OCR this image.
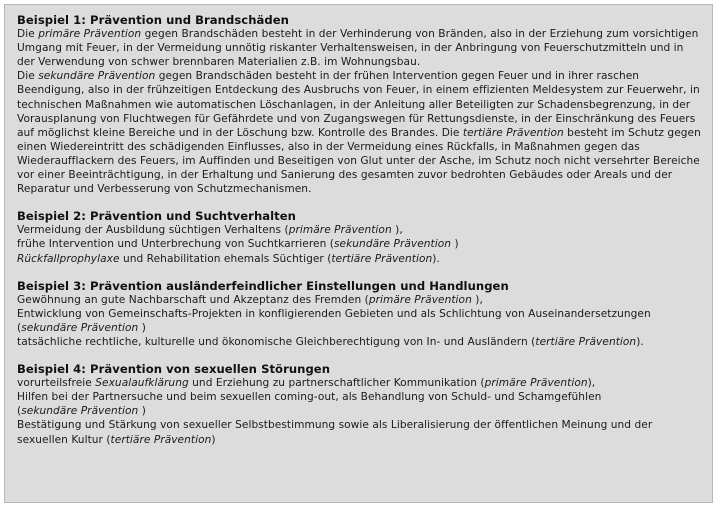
Beispiel 1: Prävention und Brandschäden

Die primäre Prävention gegen Brandschäden besteht in der Verhinderung von Bränden, also in der Erziehung zum vorsichtigen Umgang mit Feuer, in der Vermeidung unnötig riskanter Verhaltensweisen, in der Anbringung von Feuerschutzmitteln und in der Verwendung von schwer brennbaren Materialien z.B. im Wohnungsbau.

Die sekundäre Prävention gegen Brandschäden besteht in der frühen Intervention gegen Feuer und in ihrer raschen Beendigung, also in der frühzeitigen Entdeckung des Ausbruchs von Feuer, in einem effizienten Meldesystem zur Feuerwehr, in technischen Maßnahmen wie automatischen Löschanlagen, in der Anleitung aller Beteiligten zur Schadensbegrenzung, in der Vorausplanung von Fluchtwegen für Gefährdete und von Zugangswegen für Rettungsdienste, in der Einschränkung des Feuers auf möglichst kleine Bereiche und in der Löschung bzw. Kontrolle des Brandes. Die tertiäre Prävention besteht im Schutz gegen einen Wiedereintritt des schädigenden Einflusses, also in der Vermeidung eines Rückfalls, in Maßnahmen gegen das Wiederaufflackern des Feuers, im Auffinden und Beseitigen von Glut unter der Asche, im Schutz noch nicht versehrter Bereiche vor einer Beeinträchtigung, in der Erhaltung und Sanierung des gesamten zuvor bedrohten Gebäudes oder Areals und der Reparatur und Verbesserung von Schutzmechanismen.

Beispiel 2: Prävention und Suchtverhalten
Vermeidung der Ausbildung süchtigen Verhaltens (primäre Prävention ),
frühe Intervention und Unterbrechung von Suchtkarrieren (sekundäre Prävention )
Rückfallprophylaxe und Rehabilitation ehemals Süchtiger (tertiäre Prävention).
Beispiel 3: Prävention ausländerfeindlicher Einstellungen und Handlungen
Gewöhnung an gute Nachbarschaft und Akzeptanz des Fremden (primäre Prävention ),
Entwicklung von Gemeinschafts-Projekten in konfligierenden Gebieten und als Schlichtung von Auseinandersetzungen
(sekundäre Prävention )
tatsächliche rechtliche, kulturelle und ökonomische Gleichberechtigung von In- und Ausländern (tertiäre Prävention).
Beispiel 4: Prävention von sexuellen Störungen
vorurteilsfreie Sexualaufklärung und Erziehung zu partnerschaftlicher Kommunikation (primäre Prävention),
Hilfen bei der Partnersuche und beim sexuellen coming-out, als Behandlung von Schuld- und Schamgefühlen
(sekundäre Prävention )
Bestätigung und Stärkung von sexueller Selbstbestimmung sowie als Liberalisierung der öffentlichen Meinung und der sexuellen Kultur (tertiäre Prävention)
